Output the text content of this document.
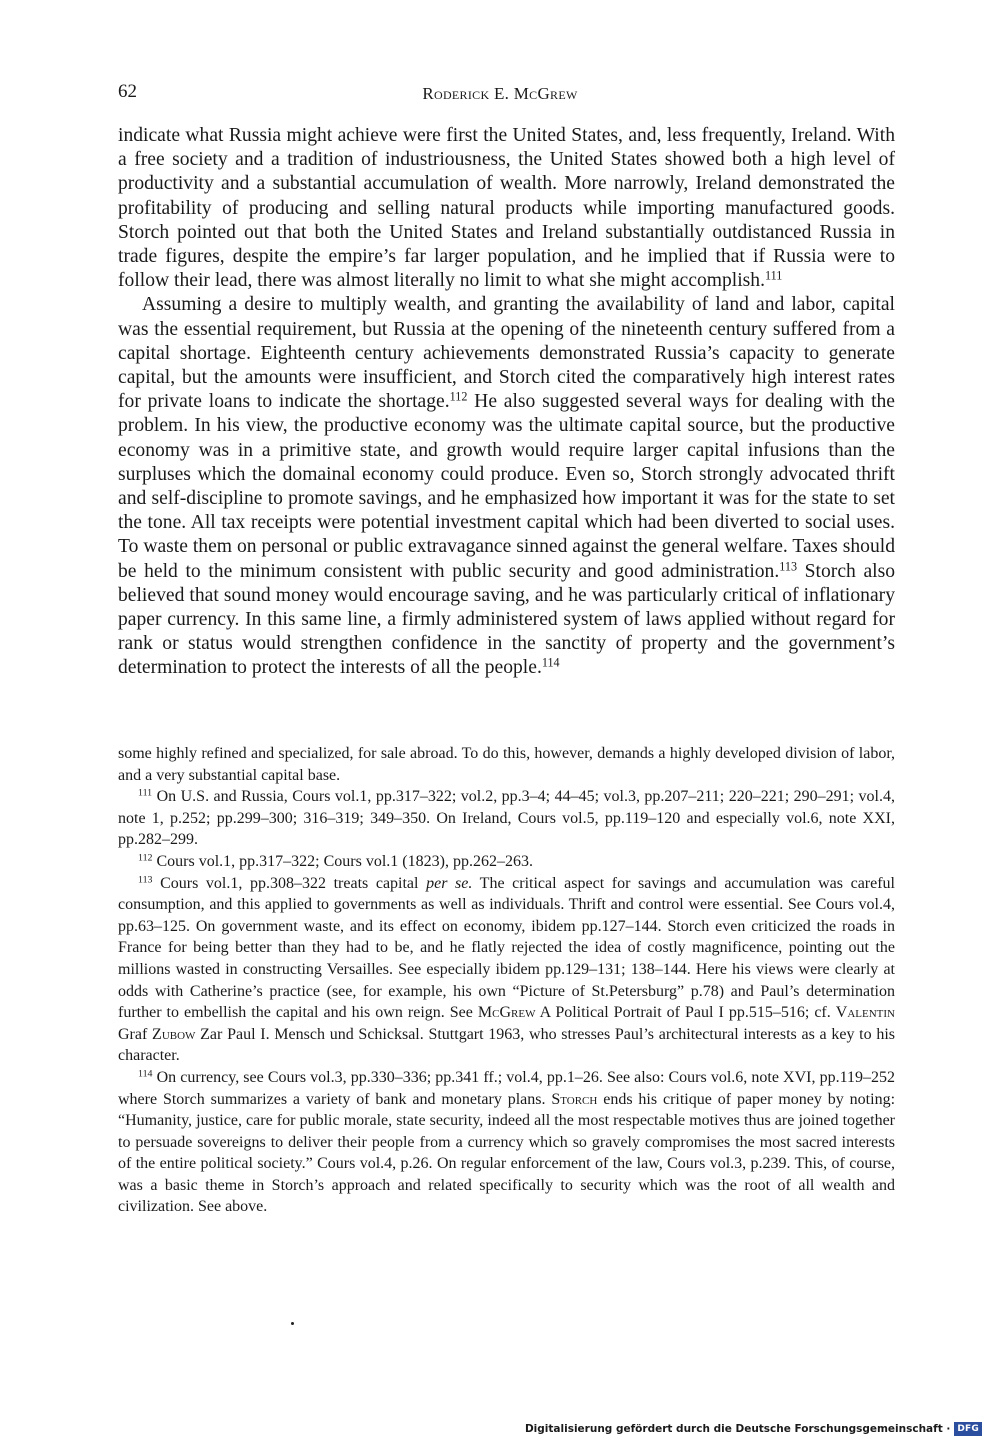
62	Roderick E. McGrew

indicate what Russia might achieve were first the United States, and, less frequently, Ireland. With a free society and a tradition of industriousness, the United States showed both a high level of productivity and a substantial accumulation of wealth. More narrowly, Ireland demonstrated the profitability of producing and selling natural products while importing manufactured goods. Storch pointed out that both the United States and Ireland substantially outdistanced Russia in trade figures, despite the empire’s far larger population, and he implied that if Russia were to follow their lead, there was almost literally no limit to what she might accomplish.$^{111}$

Assuming a desire to multiply wealth, and granting the availability of land and labor, capital was the essential requirement, but Russia at the opening of the nineteenth century suffered from a capital shortage. Eighteenth century achievements demonstrated Russia’s capacity to generate capital, but the amounts were insufficient, and Storch cited the comparatively high interest rates for private loans to indicate the shortage.$^{112}$ He also suggested several ways for dealing with the problem. In his view, the productive economy was the ultimate capital source, but the productive economy was in a primitive state, and growth would require larger capital infusions than the surpluses which the domainal economy could produce. Even so, Storch strongly advocated thrift and self-discipline to promote savings, and he emphasized how important it was for the state to set the tone. All tax receipts were potential investment capital which had been diverted to social uses. To waste them on personal or public extravagance sinned against the general welfare. Taxes should be held to the minimum consistent with public security and good administration.$^{113}$ Storch also believed that sound money would encourage saving, and he was particularly critical of inflationary paper currency. In this same line, a firmly administered system of laws applied without regard for rank or status would strengthen confidence in the sanctity of property and the government’s determination to protect the interests of all the people.$^{114}$

some highly refined and specialized, for sale abroad. To do this, however, demands a highly developed division of labor, and a very substantial capital base.

$^{111}$ On U.S. and Russia, Cours vol.1, pp.317–322; vol.2, pp.3–4; 44–45; vol.3, pp.207–211; 220–221; 290–291; vol.4, note 1, p.252; pp.299–300; 316–319; 349–350. On Ireland, Cours vol.5, pp.119–120 and especially vol.6, note XXI, pp.282–299.

$^{112}$ Cours vol.1, pp.317–322; Cours vol.1 (1823), pp.262–263.

$^{113}$ Cours vol.1, pp.308–322 treats capital per se. The critical aspect for savings and accumulation was careful consumption, and this applied to governments as well as individuals. Thrift and control were essential. See Cours vol.4, pp.63–125. On government waste, and its effect on economy, ibidem pp.127–144. Storch even criticized the roads in France for being better than they had to be, and he flatly rejected the idea of costly magnificence, pointing out the millions wasted in constructing Versailles. See especially ibidem pp.129–131; 138–144. Here his views were clearly at odds with Catherine’s practice (see, for example, his own “Picture of St.Petersburg” p.78) and Paul’s determination further to embellish the capital and his own reign. See McGrew A Political Portrait of Paul I pp.515–516; cf. Valentin Graf Zubow Zar Paul I. Mensch und Schicksal. Stuttgart 1963, who stresses Paul’s architectural interests as a key to his character.

$^{114}$ On currency, see Cours vol.3, pp.330–336; pp.341 ff.; vol.4, pp.1–26. See also: Cours vol.6, note XVI, pp.119–252 where Storch summarizes a variety of bank and monetary plans. Storch ends his critique of paper money by noting: “Humanity, justice, care for public morale, state security, indeed all the most respectable motives thus are joined together to persuade sovereigns to deliver their people from a currency which so gravely compromises the most sacred interests of the entire political society.” Cours vol.4, p.26. On regular enforcement of the law, Cours vol.3, p.239. This, of course, was a basic theme in Storch’s approach and related specifically to security which was the root of all wealth and civilization. See above.

Digitalisierung gefördert durch die Deutsche Forschungsgemeinschaft · DFG
